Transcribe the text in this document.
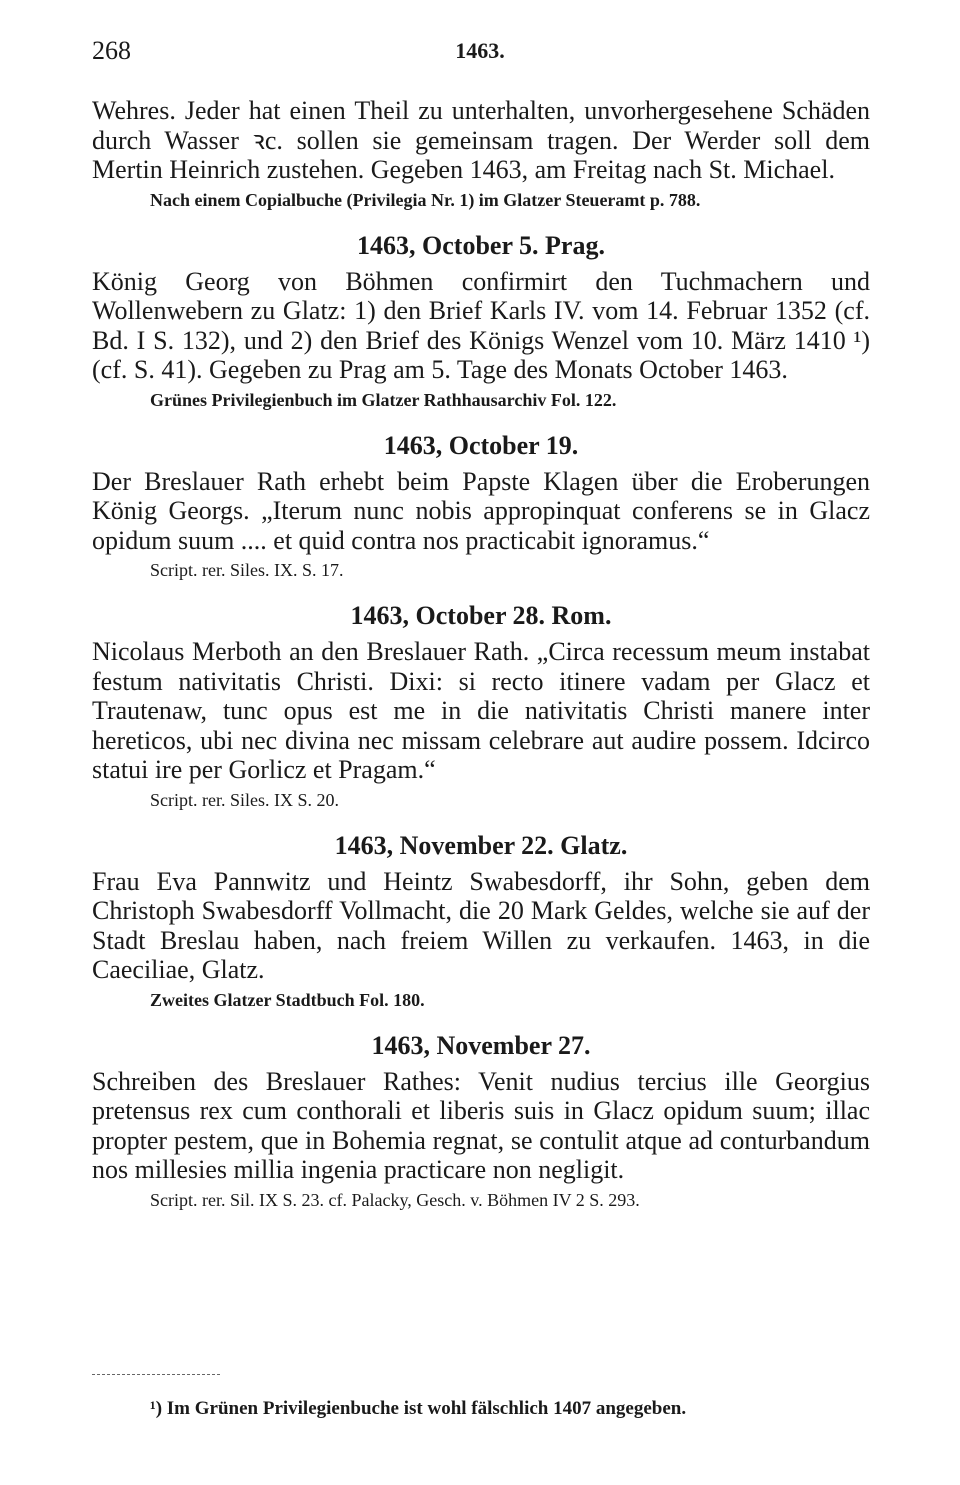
268	1463.

Wehres. Jeder hat einen Theil zu unterhalten, unvorhergesehene Schäden durch Wasser ꝛc. sollen sie gemeinsam tragen. Der Werder soll dem Mertin Heinrich zustehen. Gegeben 1463, am Freitag nach St. Michael.

Nach einem Copialbuche (Privilegia Nr. 1) im Glatzer Steueramt p. 788.

1463, October 5. Prag.

König Georg von Böhmen confirmirt den Tuchmachern und Wollenwebern zu Glatz: 1) den Brief Karls IV. vom 14. Februar 1352 (cf. Bd. I S. 132), und 2) den Brief des Königs Wenzel vom 10. März 1410 ¹) (cf. S. 41). Gegeben zu Prag am 5. Tage des Monats October 1463.

Grünes Privilegienbuch im Glatzer Rathhausarchiv Fol. 122.

1463, October 19.

Der Breslauer Rath erhebt beim Papste Klagen über die Eroberungen König Georgs. „Iterum nunc nobis appropinquat conferens se in Glacz opidum suum .... et quid contra nos practicabit ignoramus.“

Script. rer. Siles. IX. S. 17.

1463, October 28. Rom.

Nicolaus Merboth an den Breslauer Rath. „Circa recessum meum instabat festum nativitatis Christi. Dixi: si recto itinere vadam per Glacz et Trautenaw, tunc opus est me in die nativitatis Christi manere inter hereticos, ubi nec divina nec missam celebrare aut audire possem. Idcirco statui ire per Gorlicz et Pragam.“

Script. rer. Siles. IX S. 20.

1463, November 22. Glatz.

Frau Eva Pannwitz und Heintz Swabesdorff, ihr Sohn, geben dem Christoph Swabesdorff Vollmacht, die 20 Mark Geldes, welche sie auf der Stadt Breslau haben, nach freiem Willen zu verkaufen. 1463, in die Caeciliae, Glatz.

Zweites Glatzer Stadtbuch Fol. 180.

1463, November 27.

Schreiben des Breslauer Rathes: Venit nudius tercius ille Georgius pretensus rex cum conthorali et liberis suis in Glacz opidum suum; illac propter pestem, que in Bohemia regnat, se contulit atque ad conturbandum nos millesies millia ingenia practicare non negligit.

Script. rer. Sil. IX S. 23. cf. Palacky, Gesch. v. Böhmen IV 2 S. 293.

¹) Im Grünen Privilegienbuche ist wohl fälschlich 1407 angegeben.
